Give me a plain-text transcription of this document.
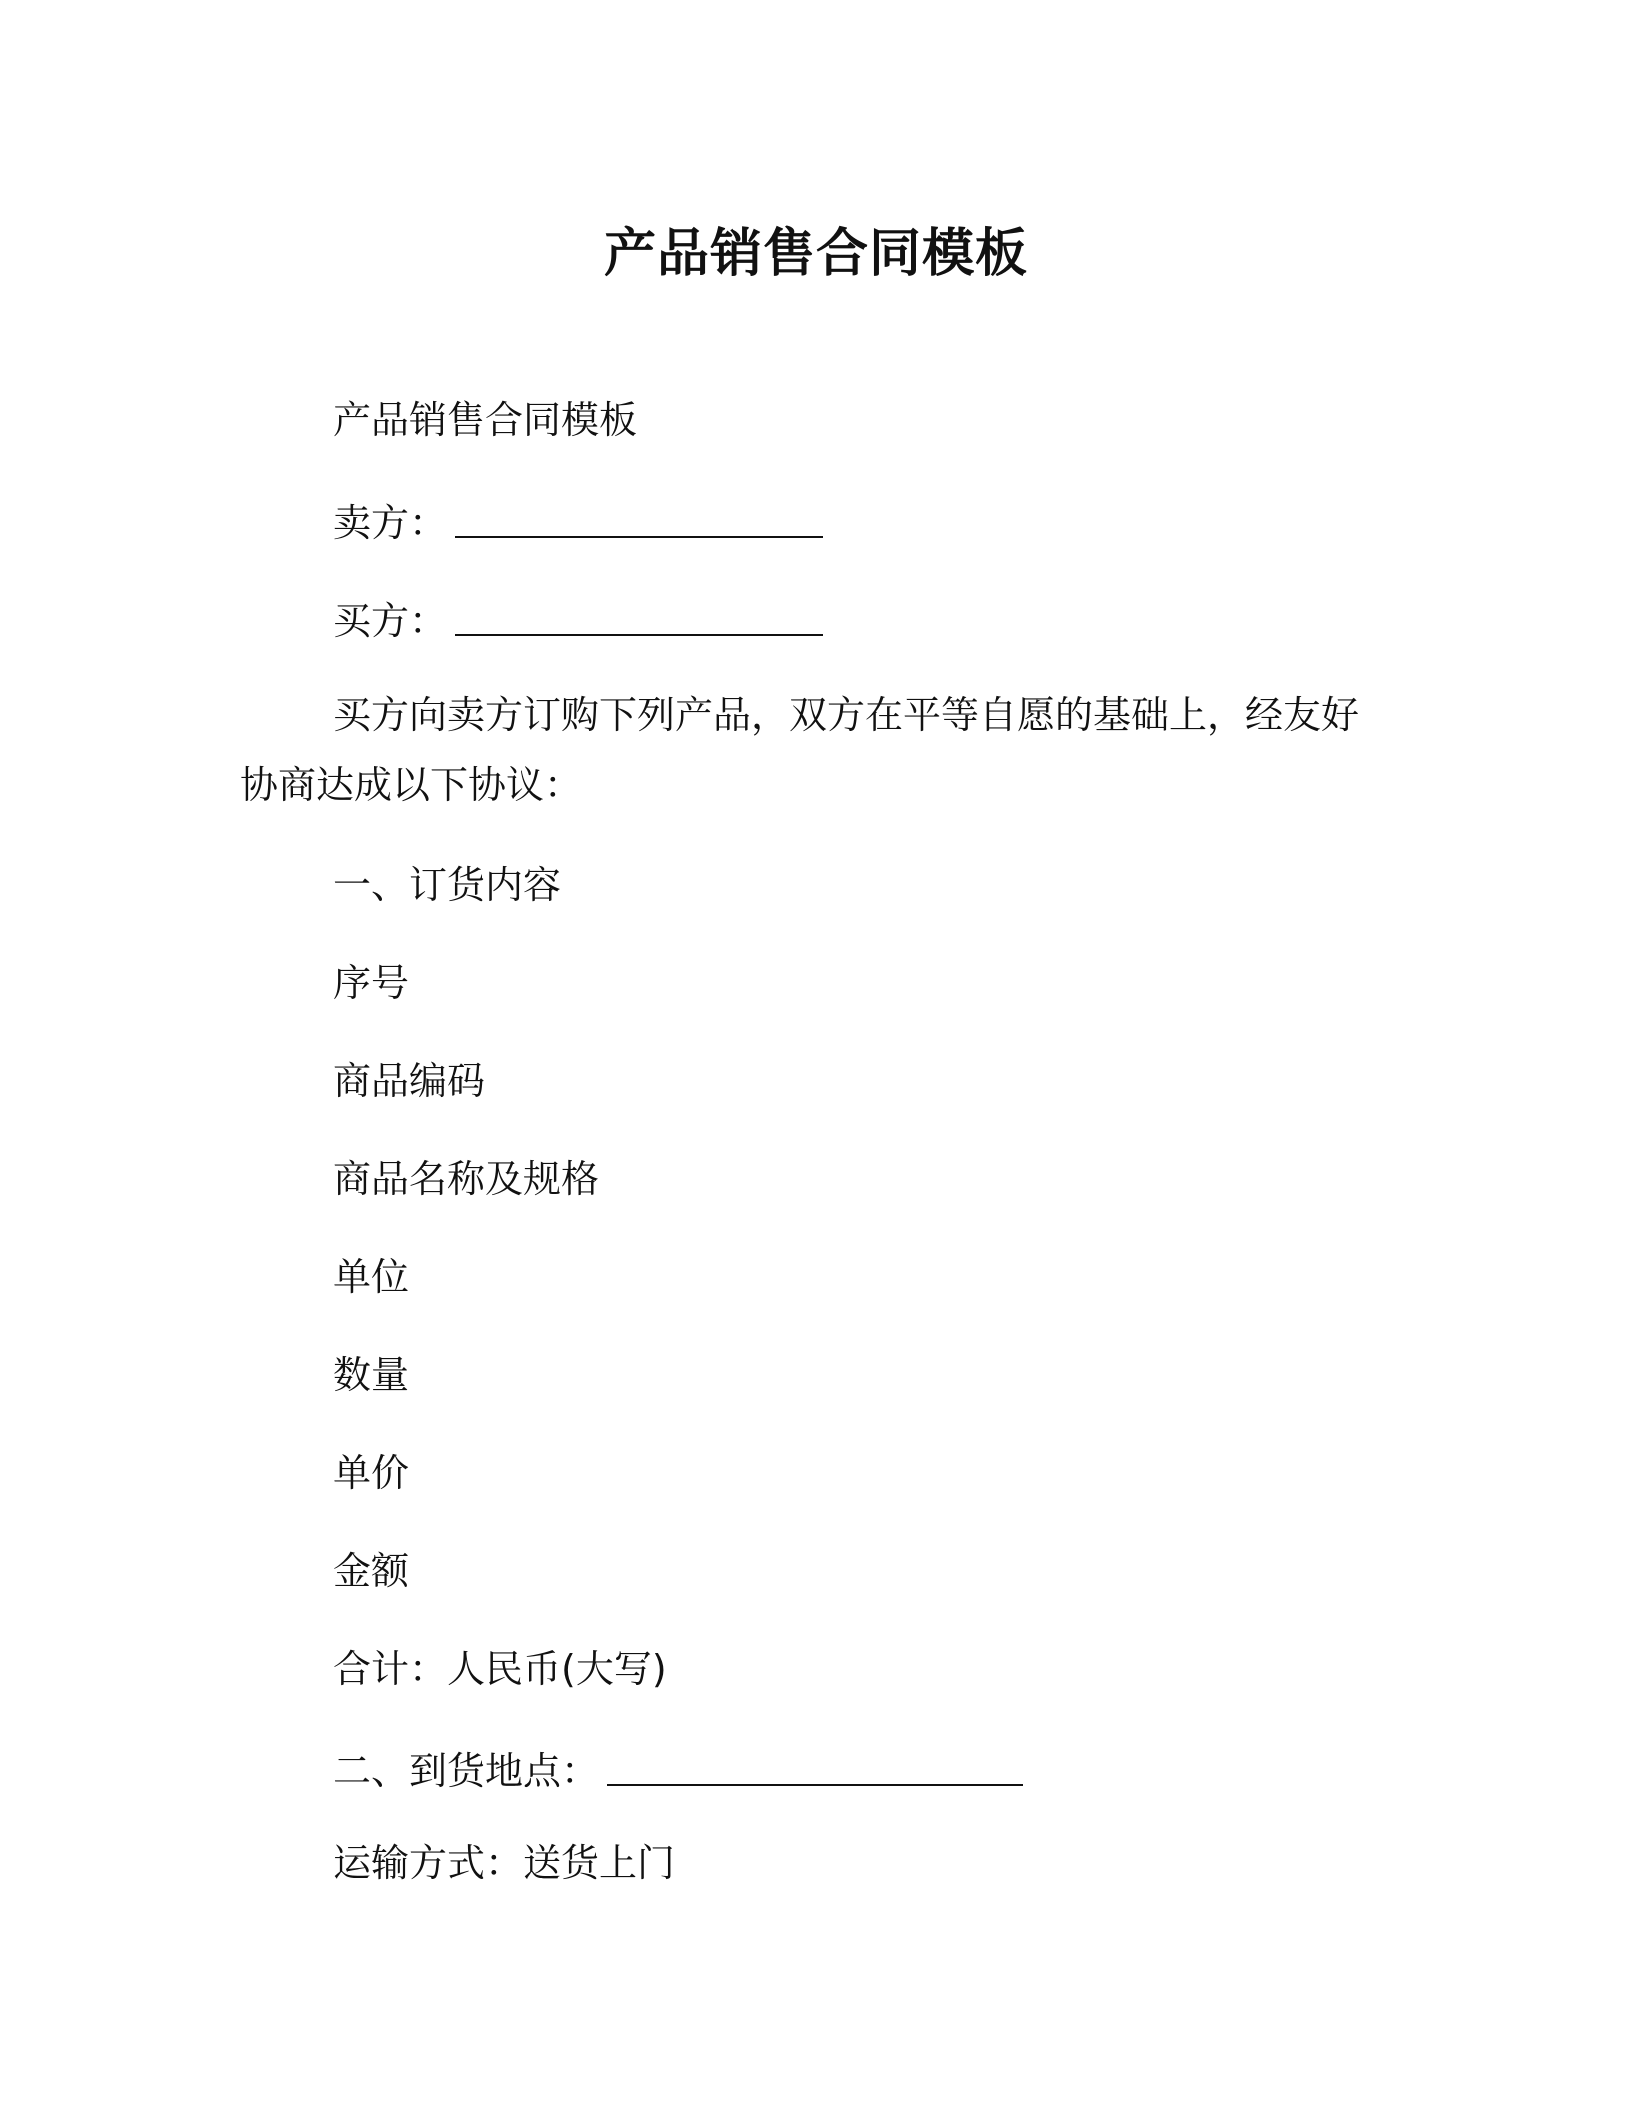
产品销售合同模板
产品销售合同模板
卖方：
买方：
买方向卖方订购下列产品，双方在平等自愿的基础上，经友好协商达成以下协议：
一、订货内容
序号
商品编码
商品名称及规格
单位
数量
单价
金额
合计：人民币(大写)
二、到货地点：
运输方式：送货上门
